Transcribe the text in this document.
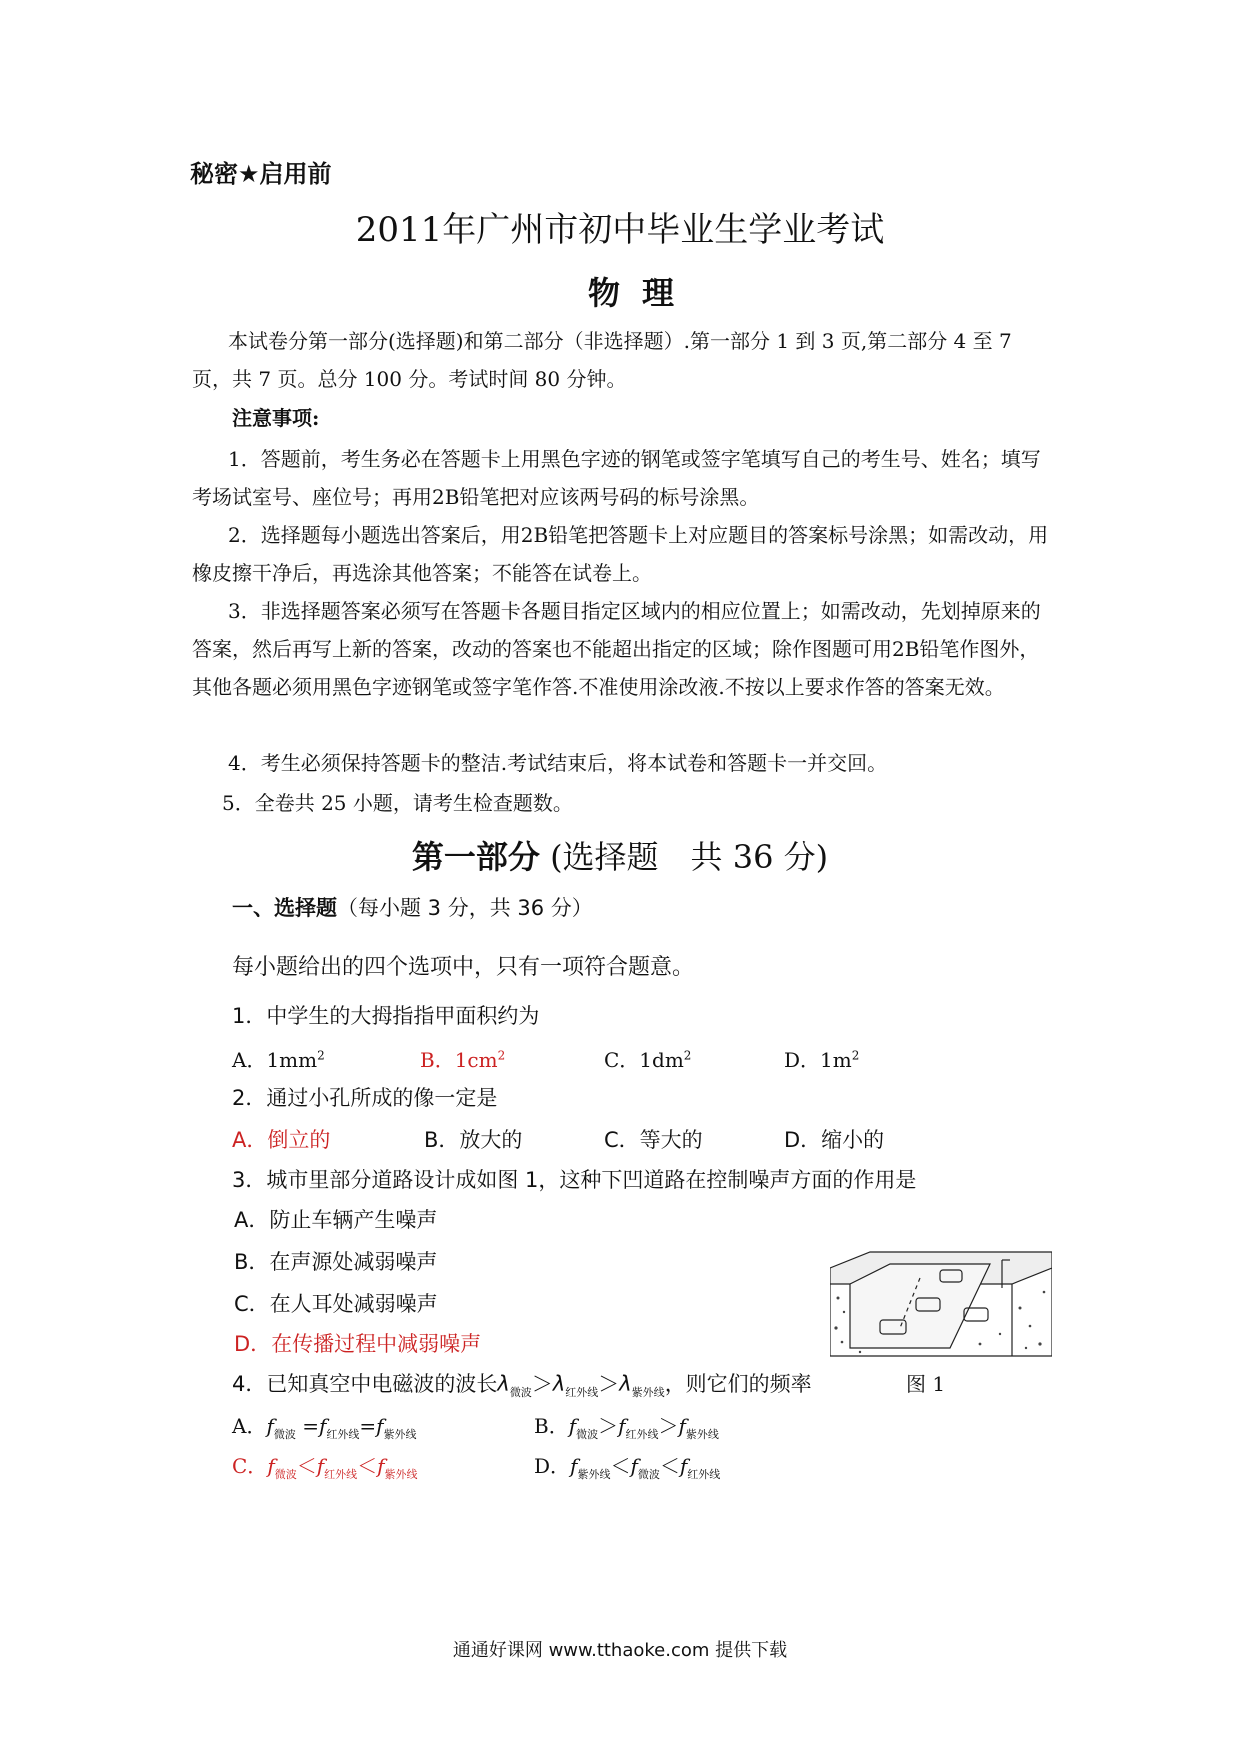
秘密★启用前
2011年广州市初中毕业生学业考试
物理
本试卷分第一部分(选择题)和第二部分（非选择题）.第一部分 1 到 3 页,第二部分 4 至 7 页，共 7 页。总分 100 分。考试时间 80 分钟。
注意事项:
1．答题前，考生务必在答题卡上用黑色字迹的钢笔或签字笔填写自己的考生号、姓名；填写考场试室号、座位号；再用2B铅笔把对应该两号码的标号涂黑。
2．选择题每小题选出答案后，用2B铅笔把答题卡上对应题目的答案标号涂黑；如需改动，用橡皮擦干净后，再选涂其他答案；不能答在试卷上。
3．非选择题答案必须写在答题卡各题目指定区域内的相应位置上；如需改动，先划掉原来的答案，然后再写上新的答案，改动的答案也不能超出指定的区域；除作图题可用2B铅笔作图外，其他各题必须用黑色字迹钢笔或签字笔作答.不准使用涂改液.不按以上要求作答的答案无效。
4．考生必须保持答题卡的整洁.考试结束后，将本试卷和答题卡一并交回。
5．全卷共 25 小题，请考生检查题数。
第一部分 (选择题　共 36 分)
一、选择题（每小题 3 分，共 36 分）
每小题给出的四个选项中，只有一项符合题意。
1．中学生的大拇指指甲面积约为
A．$1mm^2$	B．$1cm^2$	C．$1dm^2$	D．$1m^2$
2．通过小孔所成的像一定是
A．倒立的	B．放大的	C．等大的	D．缩小的
3．城市里部分道路设计成如图 1，这种下凹道路在控制噪声方面的作用是
A．防止车辆产生噪声
B．在声源处减弱噪声
C．在人耳处减弱噪声
D．在传播过程中减弱噪声
图 1
4．已知真空中电磁波的波长$\lambda_{微波}>\lambda_{红外线}>\lambda_{紫外线}$，则它们的频率
A．$f_{微波} =f_{红外线}=f_{紫外线}$	B．$f_{微波}>f_{红外线}>f_{紫外线}$
C．$f_{微波}<f_{红外线}<f_{紫外线}$	D．$f_{紫外线}<f_{微波}<f_{红外线}$
通通好课网 www.tthaoke.com 提供下载
